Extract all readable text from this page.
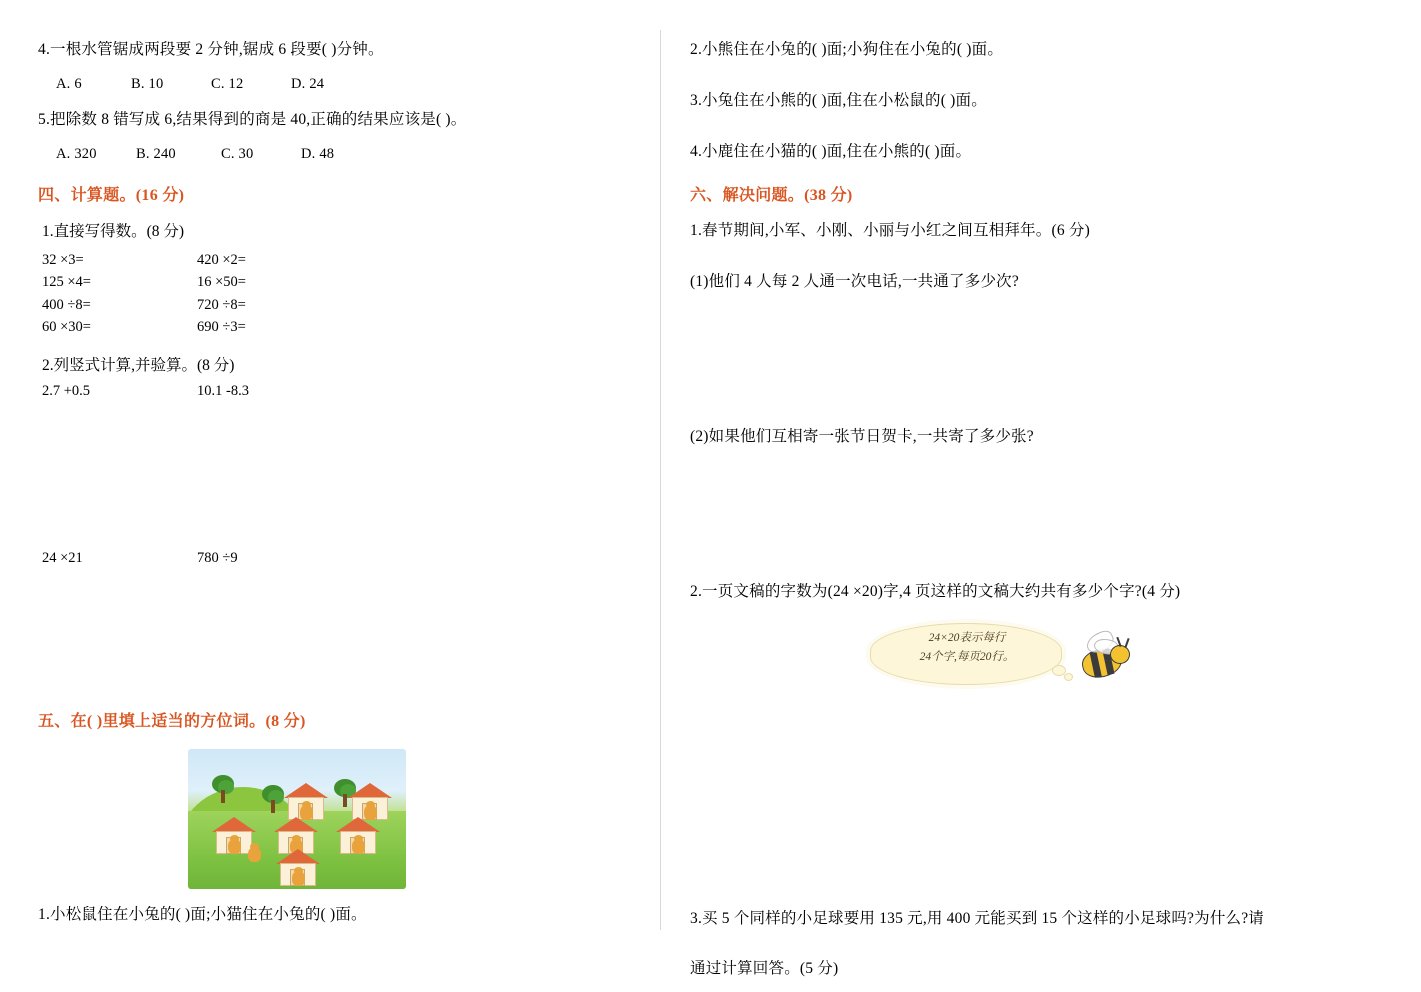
4.一根水管锯成两段要 2 分钟,锯成 6 段要( )分钟。

A. 6	B. 10	C. 12	D. 24

5.把除数 8 错写成 6,结果得到的商是 40,正确的结果应该是( )。

A. 320	B. 240	C. 30	D. 48
四、计算题。(16 分)

1.直接写得数。(8 分)

32 ×3=	420 ×2=
125 ×4=	16 ×50=
400 ÷8=	720 ÷8=
60 ×30=	690 ÷3=

2.列竖式计算,并验算。(8 分)

2.7 +0.5	10.1 -8.3
24 ×21	780 ÷9
五、在( )里填上适当的方位词。(8 分)

1.小松鼠住在小兔的( )面;小猫住在小兔的( )面。

2.小熊住在小兔的( )面;小狗住在小兔的( )面。

3.小兔住在小熊的( )面,住在小松鼠的( )面。

4.小鹿住在小猫的( )面,住在小熊的( )面。

六、解决问题。(38 分)

1.春节期间,小军、小刚、小丽与小红之间互相拜年。(6 分)

(1)他们 4 人每 2 人通一次电话,一共通了多少次?

(2)如果他们互相寄一张节日贺卡,一共寄了多少张?

2.一页文稿的字数为(24 ×20)字,4 页这样的文稿大约共有多少个字?(4 分)

24×20表示每行
24个字,每页20行。

3.买 5 个同样的小足球要用 135 元,用 400 元能买到 15 个这样的小足球吗?为什么?请

通过计算回答。(5 分)
